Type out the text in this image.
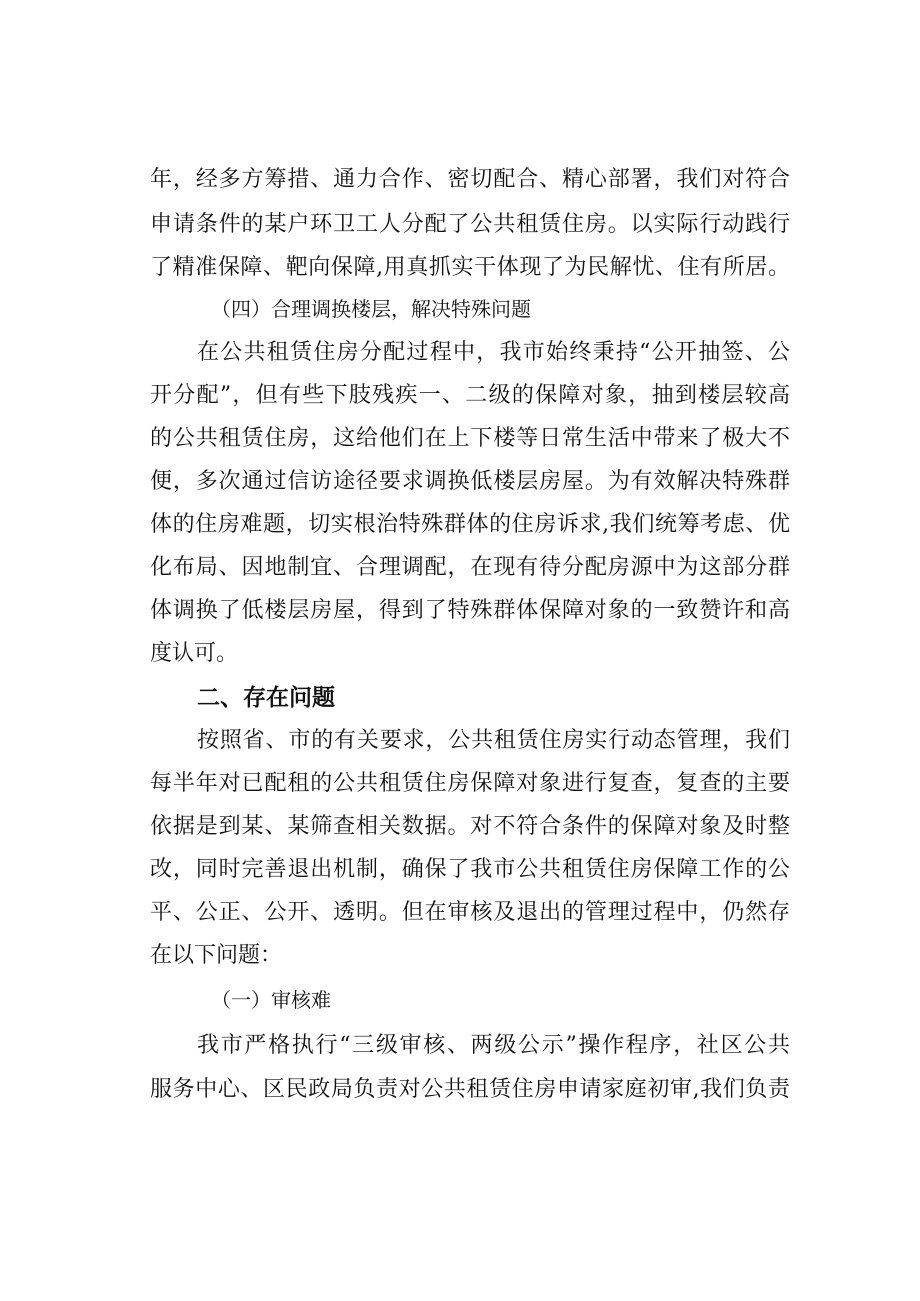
年，经多方筹措、通力合作、密切配合、精心部署，我们对符合
申请条件的某户环卫工人分配了公共租赁住房。以实际行动践行
了精准保障、靶向保障,用真抓实干体现了为民解忧、住有所居。
（四）合理调换楼层，解决特殊问题
在公共租赁住房分配过程中，我市始终秉持“公开抽签、公
开分配”，但有些下肢残疾一、二级的保障对象，抽到楼层较高
的公共租赁住房，这给他们在上下楼等日常生活中带来了极大不
便，多次通过信访途径要求调换低楼层房屋。为有效解决特殊群
体的住房难题，切实根治特殊群体的住房诉求,我们统筹考虑、优
化布局、因地制宜、合理调配，在现有待分配房源中为这部分群
体调换了低楼层房屋，得到了特殊群体保障对象的一致赞许和高
度认可。
二、存在问题
按照省、市的有关要求，公共租赁住房实行动态管理，我们
每半年对已配租的公共租赁住房保障对象进行复查，复查的主要
依据是到某、某筛查相关数据。对不符合条件的保障对象及时整
改，同时完善退出机制，确保了我市公共租赁住房保障工作的公
平、公正、公开、透明。但在审核及退出的管理过程中，仍然存
在以下问题：
（一）审核难
我市严格执行“三级审核、两级公示”操作程序，社区公共
服务中心、区民政局负责对公共租赁住房申请家庭初审,我们负责
